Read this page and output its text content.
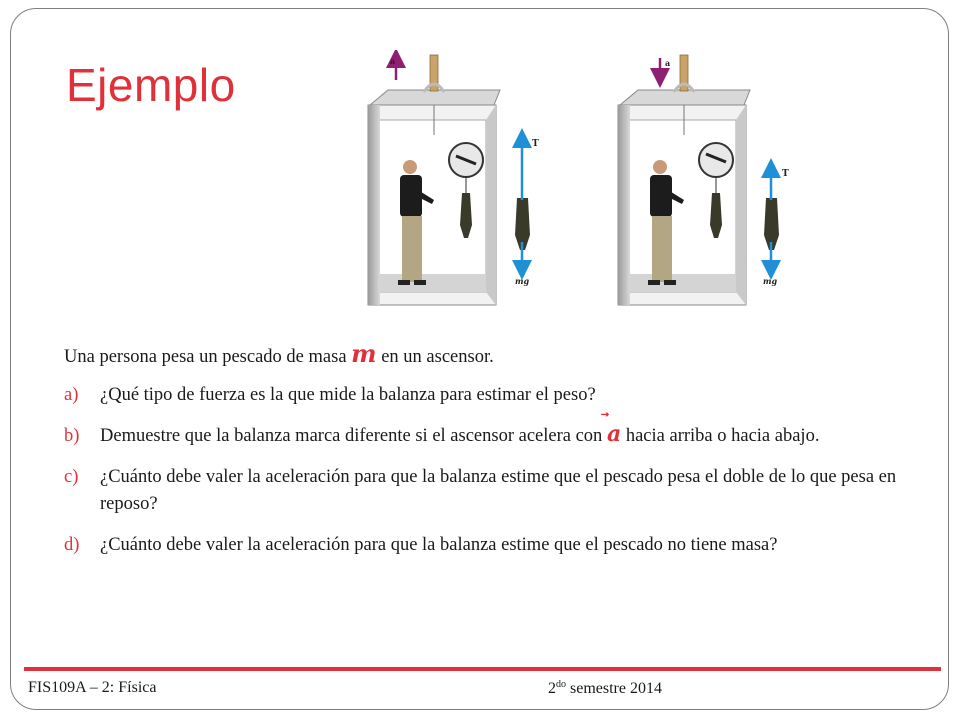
Ejemplo	a
T
mg
a
T
mg

Una persona pesa un pescado de masa m en un ascensor.

a) ¿Qué tipo de fuerza es la que mide la balanza para estimar el peso?
b) Demuestre que la balanza marca diferente si el ascensor acelera con a hacia arriba o hacia abajo.
c) ¿Cuánto debe valer la aceleración para que la balanza estime que el pescado pesa el doble de lo que pesa en reposo?
d) ¿Cuánto debe valer la aceleración para que la balanza estime que el pescado no tiene masa?
FIS109A – 2: Física	$2^{do}$ semestre 2014
